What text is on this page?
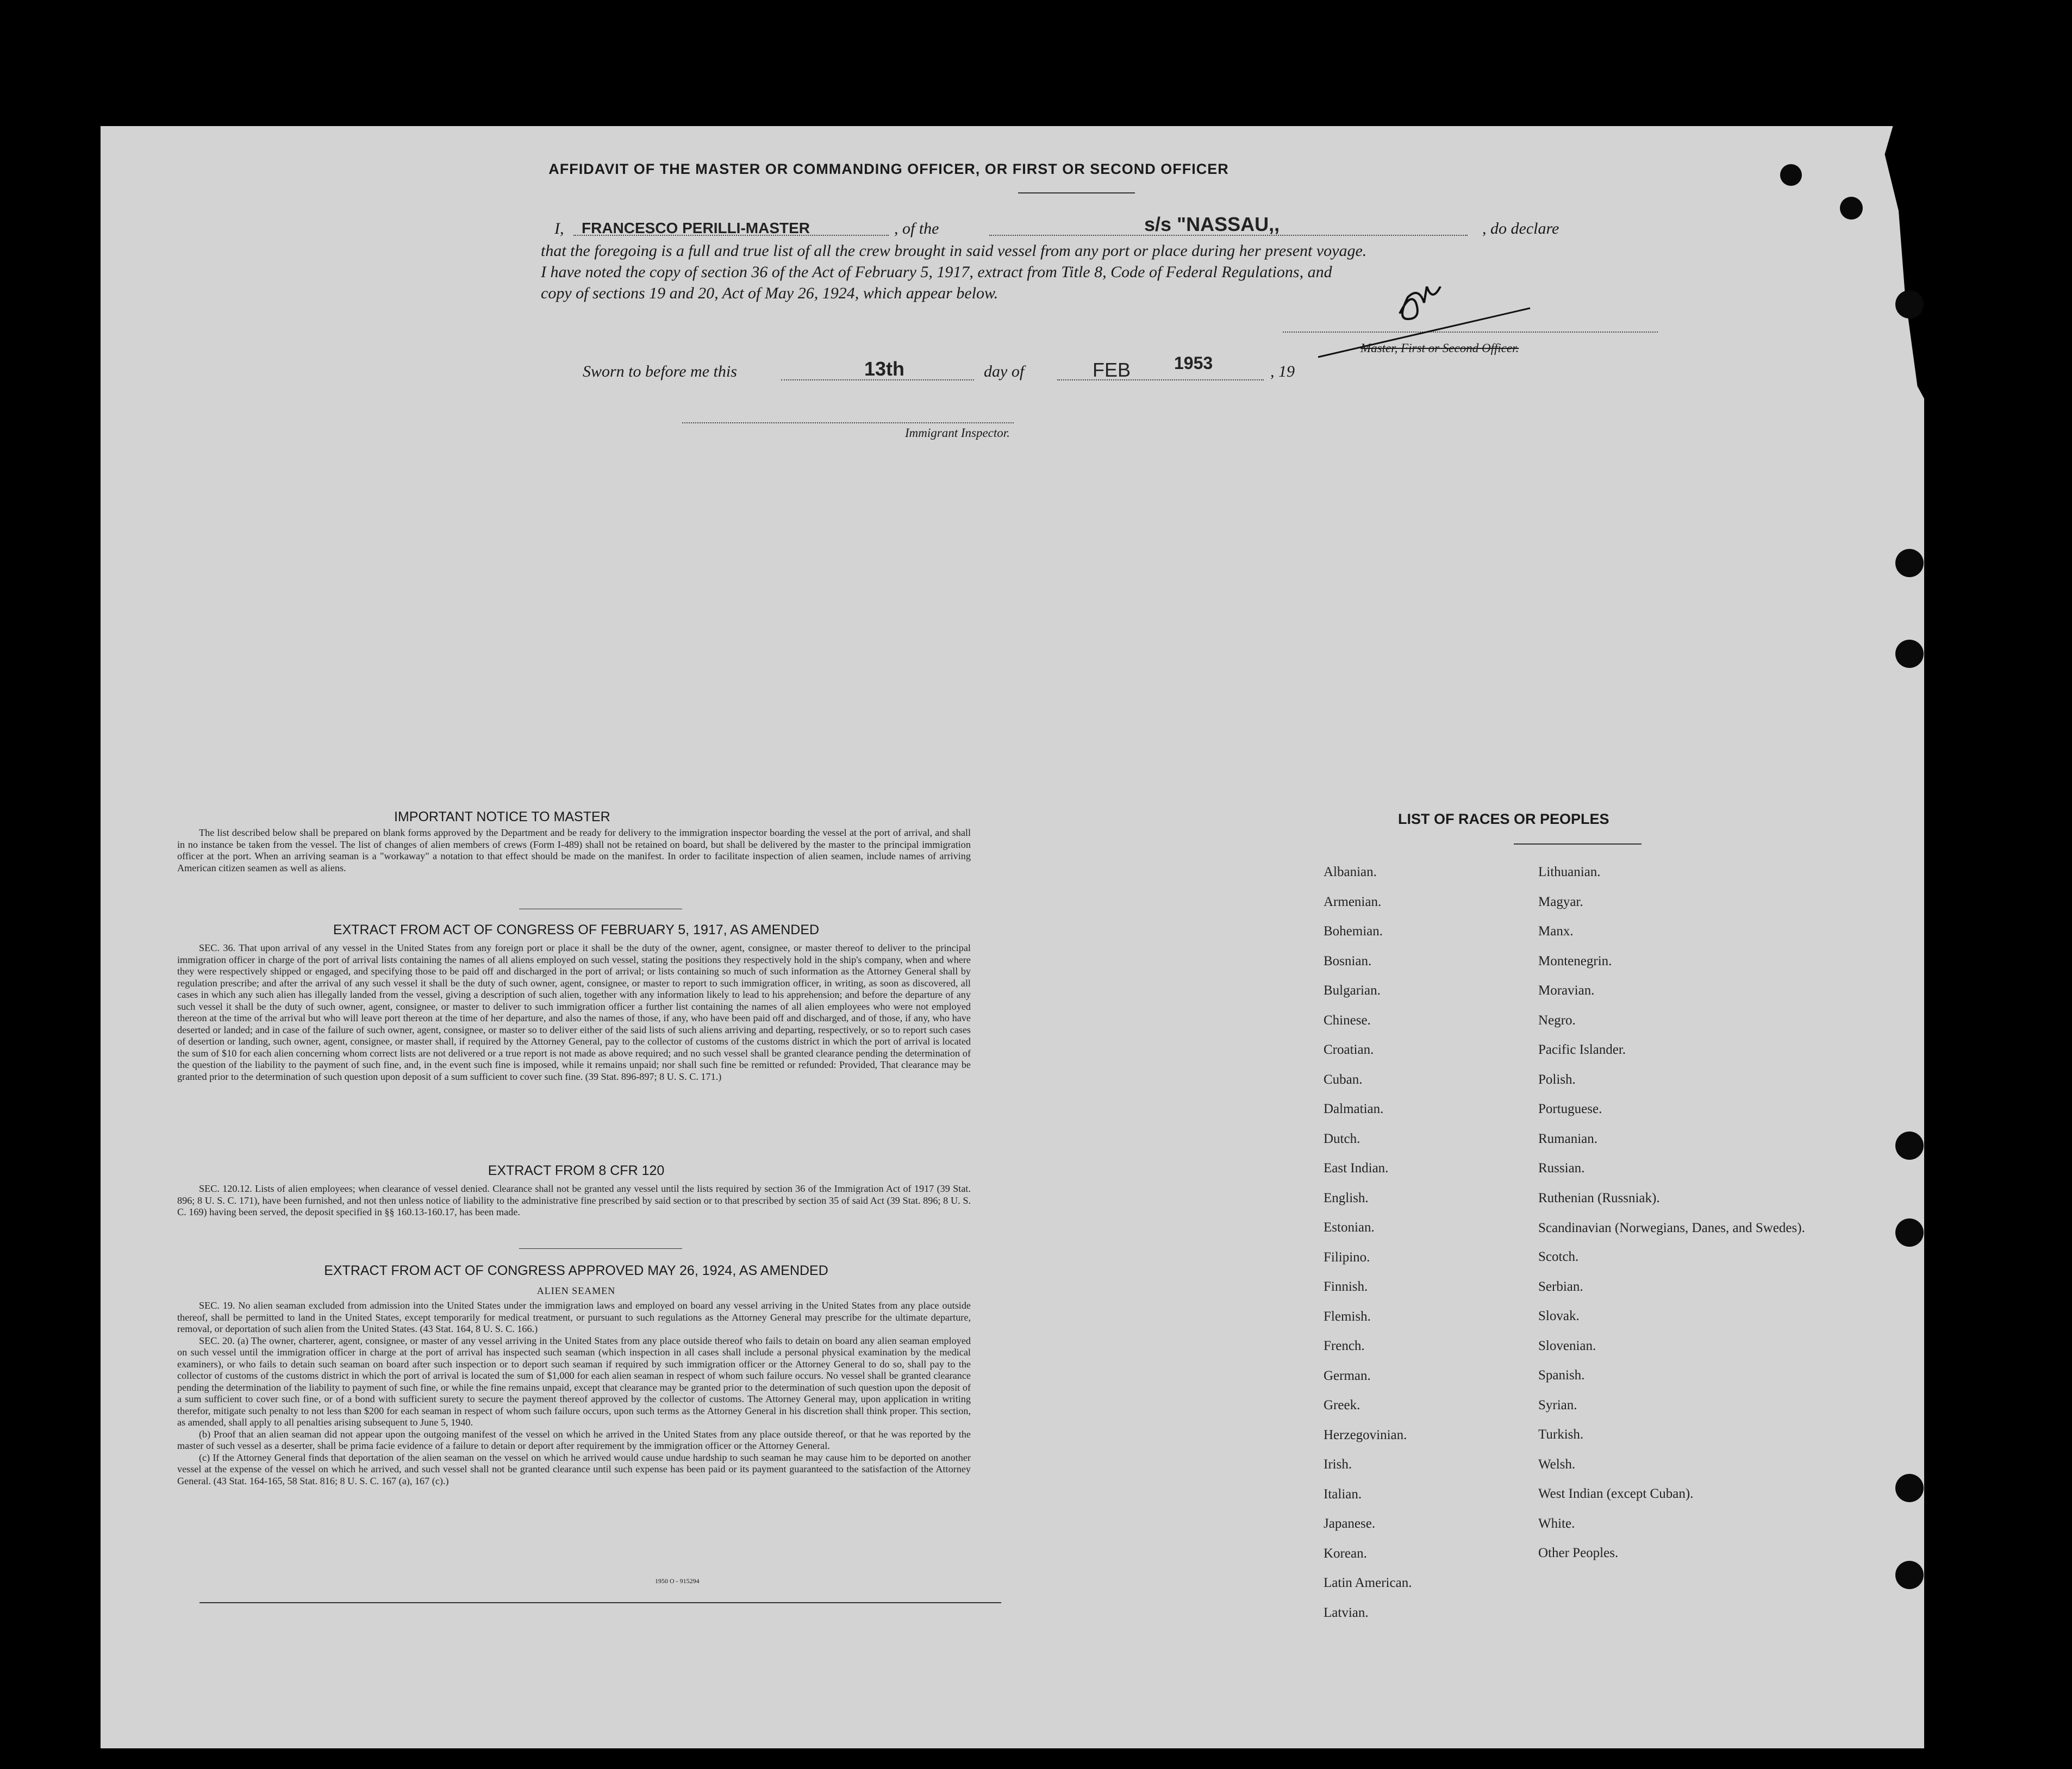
AFFIDAVIT OF THE MASTER OR COMMANDING OFFICER, OR FIRST OR SECOND OFFICER
I, FRANCESCO PERILLI-MASTER	, of the	s/s "NASSAU,,	, do declare
that the foregoing is a full and true list of all the crew brought in said vessel from any port or place during her present voyage.
I have noted the copy of section 36 of the Act of February 5, 1917, extract from Title 8, Code of Federal Regulations, and
copy of sections 19 and 20, Act of May 26, 1924, which appear below.
Master, First or Second Officer.
Sworn to before me this	13th	day of	FEB 1953	, 19
Immigrant Inspector.
IMPORTANT NOTICE TO MASTER

The list described below shall be prepared on blank forms approved by the Department and be ready for delivery to the immigration inspector boarding the vessel at the port of arrival, and shall in no instance be taken from the vessel. The list of changes of alien members of crews (Form I-489) shall not be retained on board, but shall be delivered by the master to the principal immigration officer at the port. When an arriving seaman is a "workaway" a notation to that effect should be made on the manifest. In order to facilitate inspection of alien seamen, include names of arriving American citizen seamen as well as aliens.

EXTRACT FROM ACT OF CONGRESS OF FEBRUARY 5, 1917, AS AMENDED

SEC. 36. That upon arrival of any vessel in the United States from any foreign port or place it shall be the duty of the owner, agent, consignee, or master thereof to deliver to the principal immigration officer in charge of the port of arrival lists containing the names of all aliens employed on such vessel, stating the positions they respectively hold in the ship's company, when and where they were respectively shipped or engaged, and specifying those to be paid off and discharged in the port of arrival; or lists containing so much of such information as the Attorney General shall by regulation prescribe; and after the arrival of any such vessel it shall be the duty of such owner, agent, consignee, or master to report to such immigration officer, in writing, as soon as discovered, all cases in which any such alien has illegally landed from the vessel, giving a description of such alien, together with any information likely to lead to his apprehension; and before the departure of any such vessel it shall be the duty of such owner, agent, consignee, or master to deliver to such immigration officer a further list containing the names of all alien employees who were not employed thereon at the time of the arrival but who will leave port thereon at the time of her departure, and also the names of those, if any, who have been paid off and discharged, and of those, if any, who have deserted or landed; and in case of the failure of such owner, agent, consignee, or master so to deliver either of the said lists of such aliens arriving and departing, respectively, or so to report such cases of desertion or landing, such owner, agent, consignee, or master shall, if required by the Attorney General, pay to the collector of customs of the customs district in which the port of arrival is located the sum of $10 for each alien concerning whom correct lists are not delivered or a true report is not made as above required; and no such vessel shall be granted clearance pending the determination of the question of the liability to the payment of such fine, and, in the event such fine is imposed, while it remains unpaid; nor shall such fine be remitted or refunded: Provided, That clearance may be granted prior to the determination of such question upon deposit of a sum sufficient to cover such fine. (39 Stat. 896-897; 8 U. S. C. 171.)

EXTRACT FROM 8 CFR 120

SEC. 120.12. Lists of alien employees; when clearance of vessel denied. Clearance shall not be granted any vessel until the lists required by section 36 of the Immigration Act of 1917 (39 Stat. 896; 8 U. S. C. 171), have been furnished, and not then unless notice of liability to the administrative fine prescribed by said section or to that prescribed by section 35 of said Act (39 Stat. 896; 8 U. S. C. 169) having been served, the deposit specified in §§ 160.13-160.17, has been made.

EXTRACT FROM ACT OF CONGRESS APPROVED MAY 26, 1924, AS AMENDED
ALIEN SEAMEN

SEC. 19. No alien seaman excluded from admission into the United States under the immigration laws and employed on board any vessel arriving in the United States from any place outside thereof, shall be permitted to land in the United States, except temporarily for medical treatment, or pursuant to such regulations as the Attorney General may prescribe for the ultimate departure, removal, or deportation of such alien from the United States. (43 Stat. 164, 8 U. S. C. 166.)

SEC. 20. (a) The owner, charterer, agent, consignee, or master of any vessel arriving in the United States from any place outside thereof who fails to detain on board any alien seaman employed on such vessel until the immigration officer in charge at the port of arrival has inspected such seaman (which inspection in all cases shall include a personal physical examination by the medical examiners), or who fails to detain such seaman on board after such inspection or to deport such seaman if required by such immigration officer or the Attorney General to do so, shall pay to the collector of customs of the customs district in which the port of arrival is located the sum of $1,000 for each alien seaman in respect of whom such failure occurs. No vessel shall be granted clearance pending the determination of the liability to payment of such fine, or while the fine remains unpaid, except that clearance may be granted prior to the determination of such question upon the deposit of a sum sufficient to cover such fine, or of a bond with sufficient surety to secure the payment thereof approved by the collector of customs. The Attorney General may, upon application in writing therefor, mitigate such penalty to not less than $200 for each seaman in respect of whom such failure occurs, upon such terms as the Attorney General in his discretion shall think proper. This section, as amended, shall apply to all penalties arising subsequent to June 5, 1940.

(b) Proof that an alien seaman did not appear upon the outgoing manifest of the vessel on which he arrived in the United States from any place outside thereof, or that he was reported by the master of such vessel as a deserter, shall be prima facie evidence of a failure to detain or deport after requirement by the immigration officer or the Attorney General.

(c) If the Attorney General finds that deportation of the alien seaman on the vessel on which he arrived would cause undue hardship to such seaman he may cause him to be deported on another vessel at the expense of the vessel on which he arrived, and such vessel shall not be granted clearance until such expense has been paid or its payment guaranteed to the satisfaction of the Attorney General. (43 Stat. 164-165, 58 Stat. 816; 8 U. S. C. 167 (a), 167 (c).)

1950 O - 915294
LIST OF RACES OR PEOPLES
Albanian.
Armenian.
Bohemian.
Bosnian.
Bulgarian.
Chinese.
Croatian.
Cuban.
Dalmatian.
Dutch.
East Indian.
English.
Estonian.
Filipino.
Finnish.
Flemish.
French.
German.
Greek.
Herzegovinian.
Irish.
Italian.
Japanese.
Korean.
Latin American.
Latvian.
Lithuanian.
Magyar.
Manx.
Montenegrin.
Moravian.
Negro.
Pacific Islander.
Polish.
Portuguese.
Rumanian.
Russian.
Ruthenian (Russniak).
Scandinavian (Norwegians, Danes, and Swedes).
Scotch.
Serbian.
Slovak.
Slovenian.
Spanish.
Syrian.
Turkish.
Welsh.
West Indian (except Cuban).
White.
Other Peoples.
